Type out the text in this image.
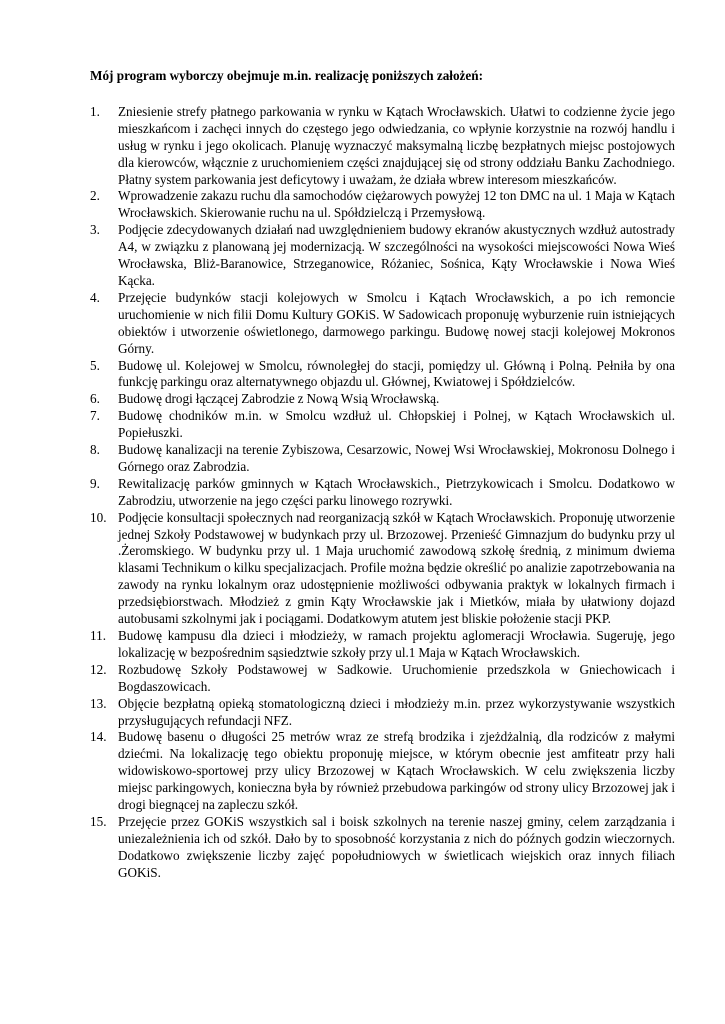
Mój program wyborczy obejmuje m.in. realizację poniższych założeń:

1.	Zniesienie strefy płatnego parkowania w rynku w Kątach Wrocławskich. Ułatwi to codzienne życie jego mieszkańcom i zachęci innych do częstego jego odwiedzania, co wpłynie korzystnie na rozwój handlu i usług w rynku i jego okolicach. Planuję wyznaczyć maksymalną liczbę bezpłatnych miejsc postojowych dla kierowców, włącznie z uruchomieniem części znajdującej się od strony oddziału Banku Zachodniego. Płatny system parkowania jest deficytowy i uważam, że działa wbrew interesom mieszkańców.
2.	Wprowadzenie zakazu ruchu dla samochodów ciężarowych powyżej 12 ton DMC na ul. 1 Maja w Kątach Wrocławskich. Skierowanie ruchu na ul. Spółdzielczą i Przemysłową.
3.	Podjęcie zdecydowanych działań nad uwzględnieniem budowy ekranów akustycznych wzdłuż autostrady A4, w związku z planowaną jej modernizacją. W szczególności na wysokości miejscowości Nowa Wieś Wrocławska, Bliż-Baranowice, Strzeganowice, Różaniec, Sośnica, Kąty Wrocławskie i Nowa Wieś Kącka.
4.	Przejęcie budynków stacji kolejowych w Smolcu i Kątach Wrocławskich, a po ich remoncie uruchomienie w nich filii Domu Kultury GOKiS. W Sadowicach proponuję wyburzenie ruin istniejących obiektów i utworzenie oświetlonego, darmowego parkingu. Budowę nowej stacji kolejowej Mokronos Górny.
5.	Budowę ul. Kolejowej w Smolcu, równoległej do stacji, pomiędzy ul. Główną i Polną. Pełniła by ona funkcję parkingu oraz alternatywnego objazdu ul. Głównej, Kwiatowej i Spółdzielców.
6.	Budowę drogi łączącej Zabrodzie z Nową Wsią Wrocławską.
7.	Budowę chodników m.in. w Smolcu wzdłuż ul. Chłopskiej i Polnej, w Kątach Wrocławskich ul. Popiełuszki.
8.	Budowę kanalizacji na terenie Zybiszowa, Cesarzowic, Nowej Wsi Wrocławskiej, Mokronosu Dolnego i Górnego oraz Zabrodzia.
9.	Rewitalizację parków gminnych w Kątach Wrocławskich., Pietrzykowicach i Smolcu. Dodatkowo w Zabrodziu, utworzenie na jego części parku linowego rozrywki.
10. Podjęcie konsultacji społecznych nad reorganizacją szkół w Kątach Wrocławskich. Proponuję utworzenie jednej Szkoły Podstawowej w budynkach przy ul. Brzozowej. Przenieść Gimnazjum do budynku przy ul .Żeromskiego. W budynku przy ul. 1 Maja uruchomić zawodową szkołę średnią, z minimum dwiema klasami Technikum o kilku specjalizacjach. Profile można będzie określić po analizie zapotrzebowania na zawody na rynku lokalnym oraz udostępnienie możliwości odbywania praktyk w lokalnych firmach i przedsiębiorstwach. Młodzież z gmin Kąty Wrocławskie jak i Mietków, miała by ułatwiony dojazd autobusami szkolnymi jak i pociągami. Dodatkowym atutem jest bliskie położenie stacji PKP.
11. Budowę kampusu dla dzieci i młodzieży, w ramach projektu aglomeracji Wrocławia. Sugeruję, jego lokalizację w bezpośrednim sąsiedztwie szkoły przy ul.1 Maja w Kątach Wrocławskich.
12. Rozbudowę Szkoły Podstawowej w Sadkowie. Uruchomienie przedszkola w Gniechowicach i Bogdaszowicach.
13. Objęcie bezpłatną opieką stomatologiczną dzieci i młodzieży m.in. przez wykorzystywanie wszystkich przysługujących refundacji NFZ.
14. Budowę basenu o długości 25 metrów wraz ze strefą brodzika i zjeżdżalnią, dla rodziców z małymi dziećmi. Na lokalizację tego obiektu proponuję miejsce, w którym obecnie jest amfiteatr przy hali widowiskowo-sportowej przy ulicy Brzozowej w Kątach Wrocławskich. W celu zwiększenia liczby miejsc parkingowych, konieczna była by również przebudowa parkingów od strony ulicy Brzozowej jak i drogi biegnącej na zapleczu szkół.
15. Przejęcie przez GOKiS wszystkich sal i boisk szkolnych na terenie naszej gminy, celem zarządzania i uniezależnienia ich od szkół. Dało by to sposobność korzystania z nich do późnych godzin wieczornych. Dodatkowo zwiększenie liczby zajęć popołudniowych w świetlicach wiejskich oraz innych filiach GOKiS.
